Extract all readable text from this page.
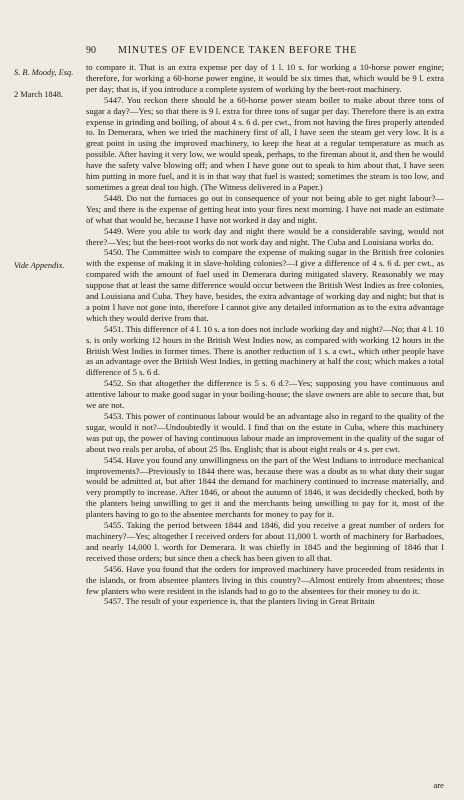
90 MINUTES OF EVIDENCE TAKEN BEFORE THE
S. B. Moody, Esq.
2 March 1848.
Vide Appendix.

to compare it. That is an extra expense per day of 1 l. 10 s. for working a 10-horse power engine; therefore, for working a 60-horse power engine, it would be six times that, which would be 9 l. extra per day; that is, if you introduce a complete system of working by the beet-root machinery.

5447. You reckon there should be a 60-horse power steam boiler to make about three tons of sugar a day?—Yes; so that there is 9 l. extra for three tons of sugar per day. Therefore there is an extra expense in grinding and boiling, of about 4 s. 6 d. per cwt., from not having the fires properly attended to. In Demerara, when we tried the machinery first of all, I have seen the steam get very low. It is a great point in using the improved machinery, to keep the heat at a regular temperature as much as possible. After having it very low, we would speak, perhaps, to the fireman about it, and then he would have the safety valve blowing off; and when I have gone out to speak to him about that, I have seen him putting in more fuel, and it is in that way that fuel is wasted; sometimes the steam is too low, and sometimes a great deal too high. (The Witness delivered in a Paper.)

5448. Do not the furnaces go out in consequence of your not being able to get night labour?—Yes; and there is the expense of getting heat into your fires next morning. I have not made an estimate of what that would be, because I have not worked it day and night.

5449. Were you able to work day and night there would be a considerable saving, would not there?—Yes; but the beet-root works do not work day and night. The Cuba and Louisiana works do.

5450. The Committee wish to compare the expense of making sugar in the British free colonies with the expense of making it in slave-holding colonies?—I give a difference of 4 s. 6 d. per cwt., as compared with the amount of fuel used in Demerara during mitigated slavery. Reasonably we may suppose that at least the same difference would occur between the British West Indies as free colonies, and Louisiana and Cuba. They have, besides, the extra advantage of working day and night; but that is a point I have not gone into, therefore I cannot give any detailed information as to the extra advantage which they would derive from that.

5451. This difference of 4 l. 10 s. a ton does not include working day and night?—No; that 4 l. 10 s. is only working 12 hours in the British West Indies now, as compared with working 12 hours in the British West Indies in former times. There is another reduction of 1 s. a cwt., which other people have as an advantage over the British West Indies, in getting machinery at half the cost; which makes a total difference of 5 s. 6 d.

5452. So that altogether the difference is 5 s. 6 d.?—Yes; supposing you have continuous and attentive labour to make good sugar in your boiling-house; the slave owners are able to secure that, but we are not.

5453. This power of continuous labour would be an advantage also in regard to the quality of the sugar, would it not?—Undoubtedly it would. I find that on the estate in Cuba, where this machinery was put up, the power of having continuous labour made an improvement in the quality of the sugar of about two reals per aroba, of about 25 lbs. English; that is about eight reals or 4 s. per cwt.

5454. Have you found any unwillingness on the part of the West Indians to introduce mechanical improvements?—Previously to 1844 there was, because there was a doubt as to what duty their sugar would be admitted at, but after 1844 the demand for machinery continued to increase materially, and very promptly to increase. After 1846, or about the autumn of 1846, it was decidedly checked, both by the planters being unwilling to get it and the merchants being unwilling to pay for it, most of the planters having to go to the absentee merchants for money to pay for it.

5455. Taking the period between 1844 and 1846, did you receive a great number of orders for machinery?—Yes; altogether I received orders for about 11,000 l. worth of machinery for Barbadoes, and nearly 14,000 l. worth for Demerara. It was chiefly in 1845 and the beginning of 1846 that I received those orders; but since then a check has been given to all that.

5456. Have you found that the orders for improved machinery have proceeded from residents in the islands, or from absentee planters living in this country?—Almost entirely from absentees; those few planters who were resident in the islands had to go to the absentees for their money to do it.

5457. The result of your experience is, that the planters living in Great Britain

are
